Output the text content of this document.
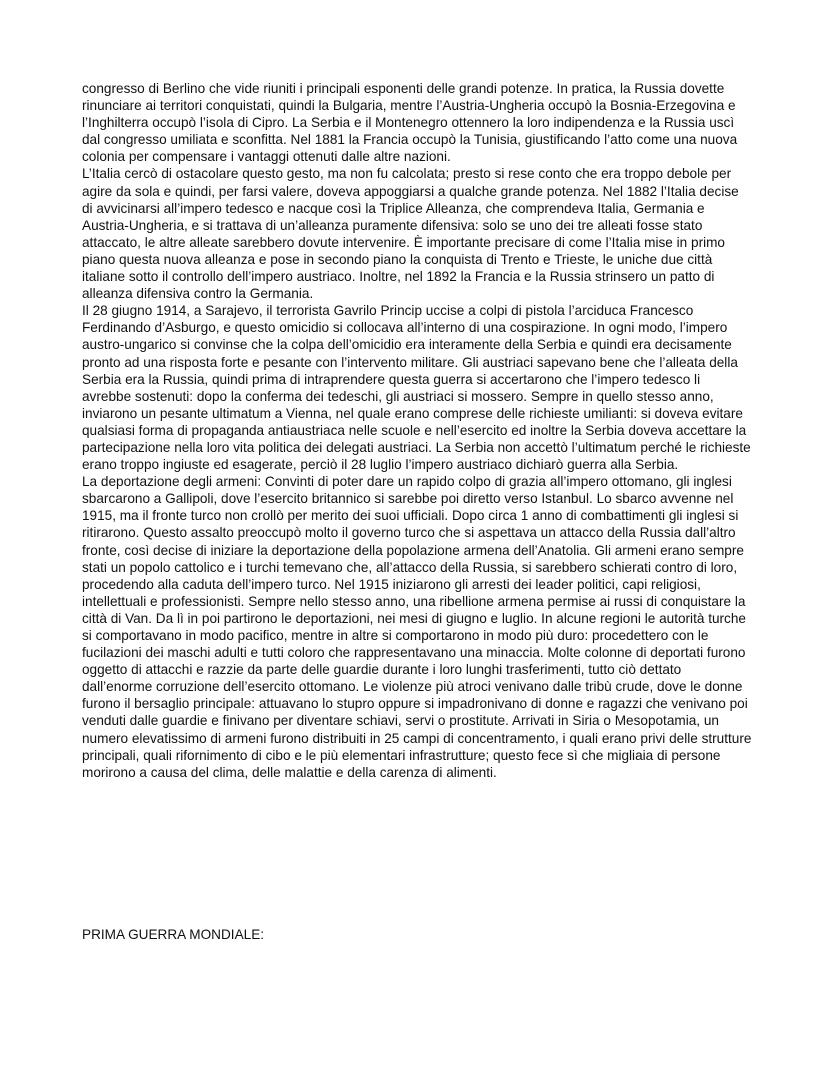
congresso di Berlino che vide riuniti i principali esponenti delle grandi potenze. In pratica, la Russia dovette rinunciare ai territori conquistati, quindi la Bulgaria, mentre l’Austria-Ungheria occupò la Bosnia-Erzegovina e l’Inghilterra occupò l’isola di Cipro. La Serbia e il Montenegro ottennero la loro indipendenza e la Russia uscì dal congresso umiliata e sconfitta. Nel 1881 la Francia occupò la Tunisia, giustificando l’atto come una nuova colonia per compensare i vantaggi ottenuti dalle altre nazioni.

L’Italia cercò di ostacolare questo gesto, ma non fu calcolata; presto si rese conto che era troppo debole per agire da sola e quindi, per farsi valere, doveva appoggiarsi a qualche grande potenza. Nel 1882 l’Italia decise di avvicinarsi all’impero tedesco e nacque così la Triplice Alleanza, che comprendeva Italia, Germania e Austria-Ungheria, e si trattava di un’alleanza puramente difensiva: solo se uno dei tre alleati fosse stato attaccato, le altre alleate sarebbero dovute intervenire. È importante precisare di come l’Italia mise in primo piano questa nuova alleanza e pose in secondo piano la conquista di Trento e Trieste, le uniche due città italiane sotto il controllo dell’impero austriaco. Inoltre, nel 1892 la Francia e la Russia strinsero un patto di alleanza difensiva contro la Germania.

Il 28 giugno 1914, a Sarajevo, il terrorista Gavrilo Princip uccise a colpi di pistola l’arciduca Francesco Ferdinando d’Asburgo, e questo omicidio si collocava all’interno di una cospirazione. In ogni modo, l’impero austro-ungarico si convinse che la colpa dell’omicidio era interamente della Serbia e quindi era decisamente pronto ad una risposta forte e pesante con l’intervento militare. Gli austriaci sapevano bene che l’alleata della Serbia era la Russia, quindi prima di intraprendere questa guerra si accertarono che l’impero tedesco li avrebbe sostenuti: dopo la conferma dei tedeschi, gli austriaci si mossero. Sempre in quello stesso anno, inviarono un pesante ultimatum a Vienna, nel quale erano comprese delle richieste umilianti: si doveva evitare qualsiasi forma di propaganda antiaustriaca nelle scuole e nell’esercito ed inoltre la Serbia doveva accettare la partecipazione nella loro vita politica dei delegati austriaci. La Serbia non accettò l’ultimatum perché le richieste erano troppo ingiuste ed esagerate, perciò il 28 luglio l’impero austriaco dichiarò guerra alla Serbia.

La deportazione degli armeni: Convinti di poter dare un rapido colpo di grazia all’impero ottomano, gli inglesi sbarcarono a Gallipoli, dove l’esercito britannico si sarebbe poi diretto verso Istanbul. Lo sbarco avvenne nel 1915, ma il fronte turco non crollò per merito dei suoi ufficiali. Dopo circa 1 anno di combattimenti gli inglesi si ritirarono. Questo assalto preoccupò molto il governo turco che si aspettava un attacco della Russia dall’altro fronte, così decise di iniziare la deportazione della popolazione armena dell’Anatolia. Gli armeni erano sempre stati un popolo cattolico e i turchi temevano che, all’attacco della Russia, si sarebbero schierati contro di loro, procedendo alla caduta dell’impero turco. Nel 1915 iniziarono gli arresti dei leader politici, capi religiosi, intellettuali e professionisti. Sempre nello stesso anno, una ribellione armena permise ai russi di conquistare la città di Van. Da lì in poi partirono le deportazioni, nei mesi di giugno e luglio. In alcune regioni le autorità turche si comportavano in modo pacifico, mentre in altre si comportarono in modo più duro: procedettero con le fucilazioni dei maschi adulti e tutti coloro che rappresentavano una minaccia. Molte colonne di deportati furono oggetto di attacchi e razzie da parte delle guardie durante i loro lunghi trasferimenti, tutto ciò dettato dall’enorme corruzione dell’esercito ottomano. Le violenze più atroci venivano dalle tribù crude, dove le donne furono il bersaglio principale: attuavano lo stupro oppure si impadronivano di donne e ragazzi che venivano poi venduti dalle guardie e finivano per diventare schiavi, servi o prostitute. Arrivati in Siria o Mesopotamia, un numero elevatissimo di armeni furono distribuiti in 25 campi di concentramento, i quali erano privi delle strutture principali, quali rifornimento di cibo e le più elementari infrastrutture; questo fece sì che migliaia di persone morirono a causa del clima, delle malattie e della carenza di alimenti.

PRIMA GUERRA MONDIALE:
